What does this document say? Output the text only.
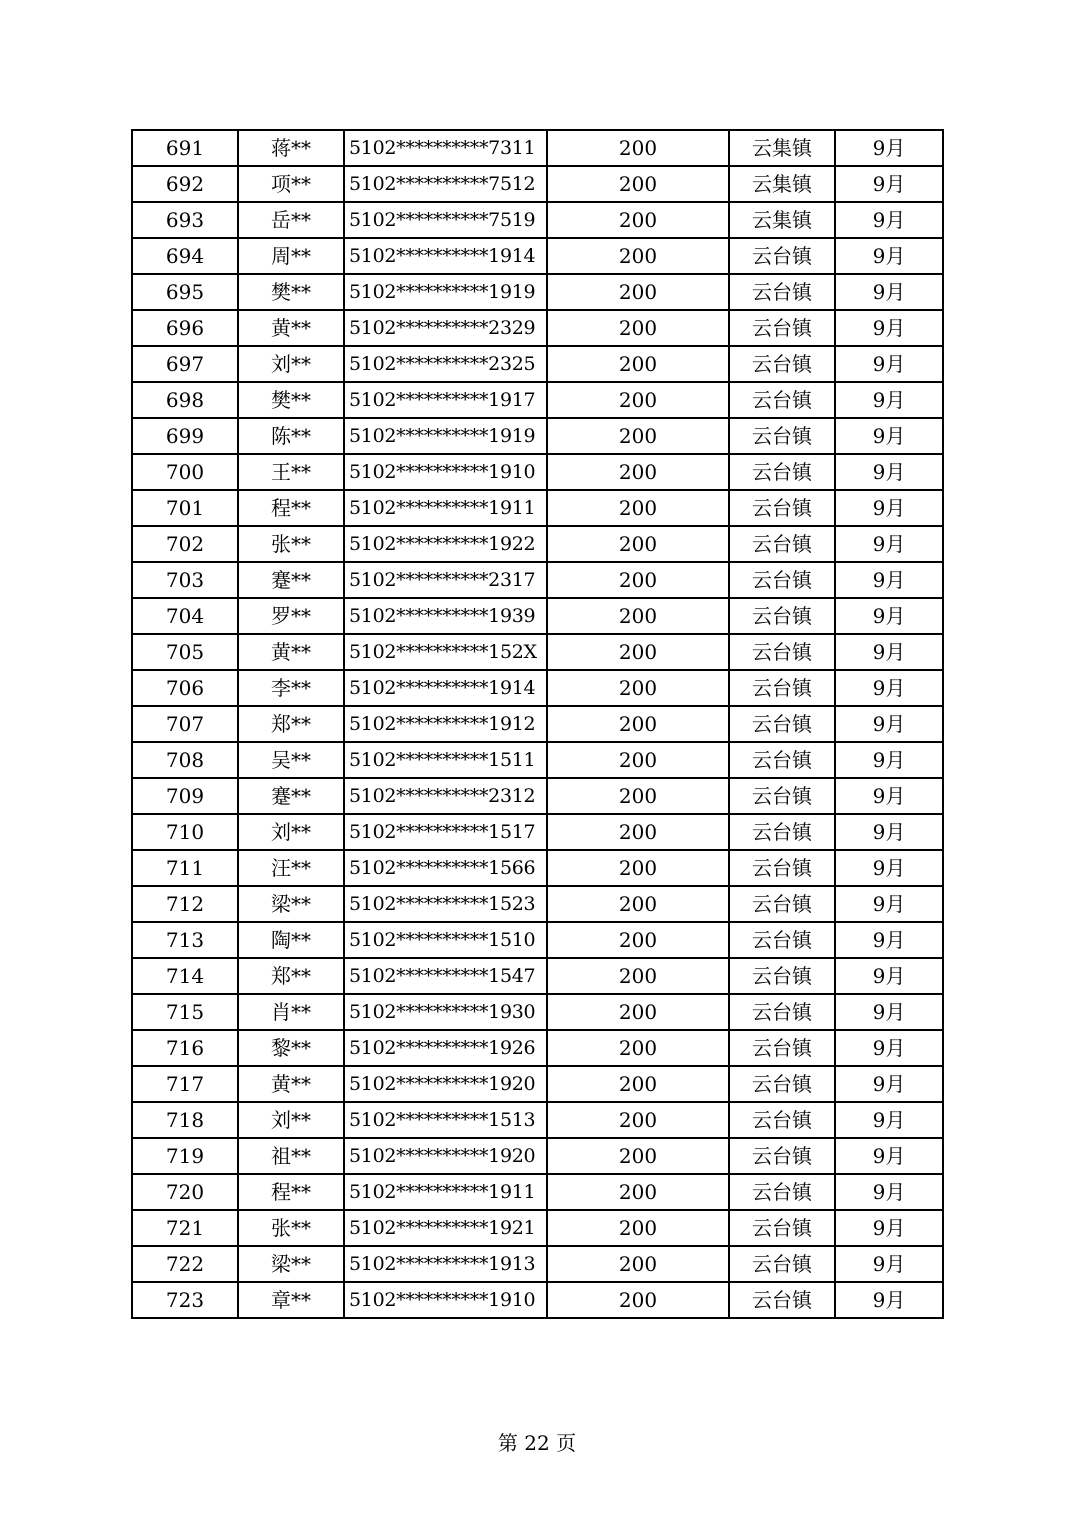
691	蒋**	5102**********7311	200	云集镇	9月
692	项**	5102**********7512	200	云集镇	9月
693	岳**	5102**********7519	200	云集镇	9月
694	周**	5102**********1914	200	云台镇	9月
695	樊**	5102**********1919	200	云台镇	9月
696	黄**	5102**********2329	200	云台镇	9月
697	刘**	5102**********2325	200	云台镇	9月
698	樊**	5102**********1917	200	云台镇	9月
699	陈**	5102**********1919	200	云台镇	9月
700	王**	5102**********1910	200	云台镇	9月
701	程**	5102**********1911	200	云台镇	9月
702	张**	5102**********1922	200	云台镇	9月
703	蹇**	5102**********2317	200	云台镇	9月
704	罗**	5102**********1939	200	云台镇	9月
705	黄**	5102**********152X	200	云台镇	9月
706	李**	5102**********1914	200	云台镇	9月
707	郑**	5102**********1912	200	云台镇	9月
708	吴**	5102**********1511	200	云台镇	9月
709	蹇**	5102**********2312	200	云台镇	9月
710	刘**	5102**********1517	200	云台镇	9月
711	汪**	5102**********1566	200	云台镇	9月
712	梁**	5102**********1523	200	云台镇	9月
713	陶**	5102**********1510	200	云台镇	9月
714	郑**	5102**********1547	200	云台镇	9月
715	肖**	5102**********1930	200	云台镇	9月
716	黎**	5102**********1926	200	云台镇	9月
717	黄**	5102**********1920	200	云台镇	9月
718	刘**	5102**********1513	200	云台镇	9月
719	祖**	5102**********1920	200	云台镇	9月
720	程**	5102**********1911	200	云台镇	9月
721	张**	5102**********1921	200	云台镇	9月
722	梁**	5102**********1913	200	云台镇	9月
723	章**	5102**********1910	200	云台镇	9月
第 22 页
